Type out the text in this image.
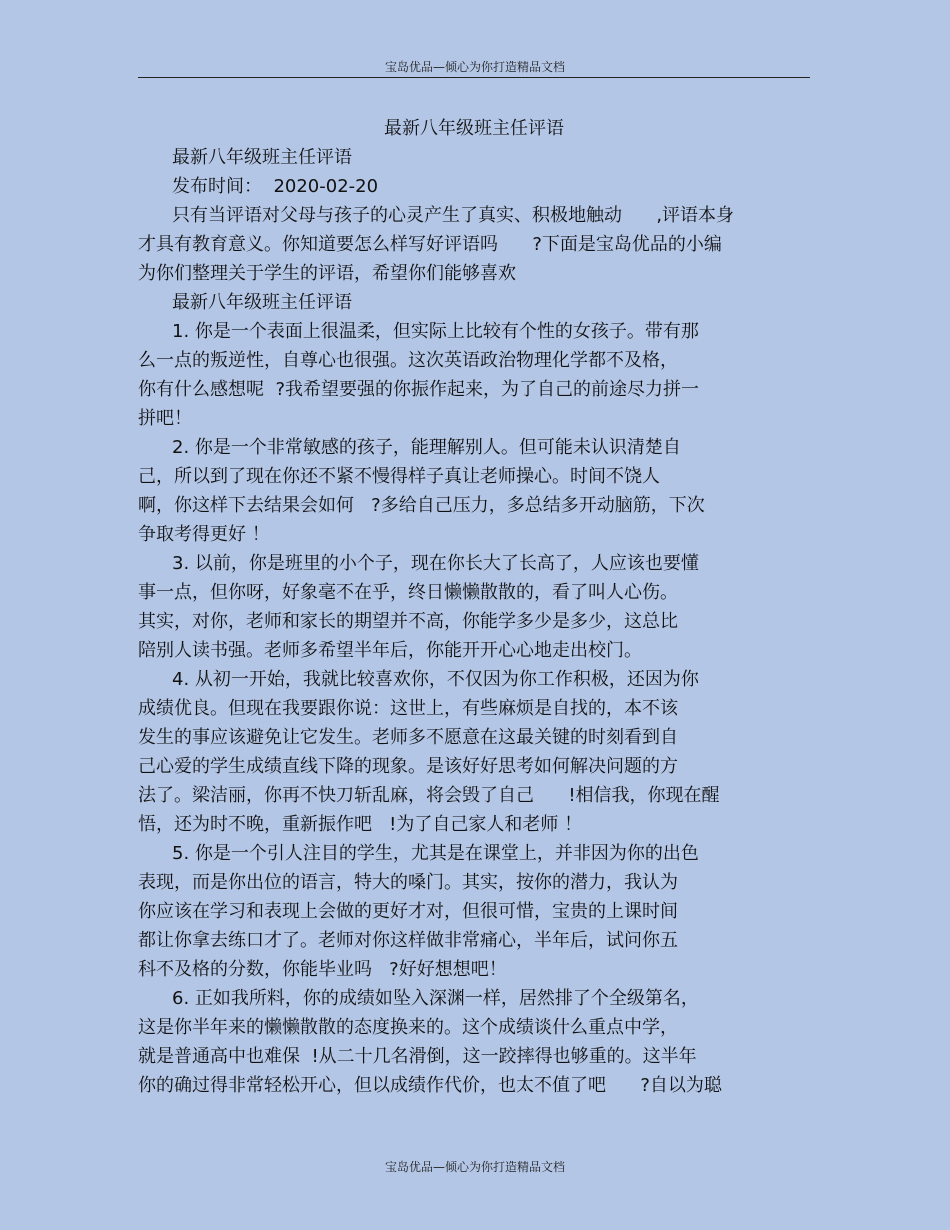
宝岛优品—倾心为你打造精品文档

最新八年级班主任评语

最新八年级班主任评语

发布时间：  2020-02-20

只有当评语对父母与孩子的心灵产生了真实、积极地触动      ,评语本身

才具有教育意义。你知道要怎么样写好评语吗      ?下面是宝岛优品的小编

为你们整理关于学生的评语，希望你们能够喜欢

最新八年级班主任评语

1. 你是一个表面上很温柔，但实际上比较有个性的女孩子。带有那

么一点的叛逆性，自尊心也很强。这次英语政治物理化学都不及格，

你有什么感想呢  ?我希望要强的你振作起来，为了自己的前途尽力拼一

拼吧！

2. 你是一个非常敏感的孩子，能理解别人。但可能未认识清楚自

己，所以到了现在你还不紧不慢得样子真让老师操心。时间不饶人

啊，你这样下去结果会如何   ?多给自己压力，多总结多开动脑筋，下次

争取考得更好 ！

3. 以前，你是班里的小个子，现在你长大了长高了，人应该也要懂

事一点，但你呀，好象毫不在乎，终日懒懒散散的，看了叫人心伤。

其实，对你，老师和家长的期望并不高，你能学多少是多少，这总比

陪别人读书强。老师多希望半年后，你能开开心心地走出校门。

4. 从初一开始，我就比较喜欢你，不仅因为你工作积极，还因为你

成绩优良。但现在我要跟你说：这世上，有些麻烦是自找的，本不该

发生的事应该避免让它发生。老师多不愿意在这最关键的时刻看到自

己心爱的学生成绩直线下降的现象。是该好好思考如何解决问题的方

法了。梁洁丽，你再不快刀斩乱麻，将会毁了自己      !相信我，你现在醒

悟，还为时不晚，重新振作吧   !为了自己家人和老师 ！

5. 你是一个引人注目的学生，尤其是在课堂上，并非因为你的出色

表现，而是你出位的语言，特大的嗓门。其实，按你的潜力，我认为

你应该在学习和表现上会做的更好才对，但很可惜，宝贵的上课时间

都让你拿去练口才了。老师对你这样做非常痛心，半年后，试问你五

科不及格的分数，你能毕业吗   ?好好想想吧！

6. 正如我所料，你的成绩如坠入深渊一样，居然排了个全级第名，

这是你半年来的懒懒散散的态度换来的。这个成绩谈什么重点中学，

就是普通高中也难保  !从二十几名滑倒，这一跤摔得也够重的。这半年

你的确过得非常轻松开心，但以成绩作代价，也太不值了吧      ?自以为聪

宝岛优品—倾心为你打造精品文档
